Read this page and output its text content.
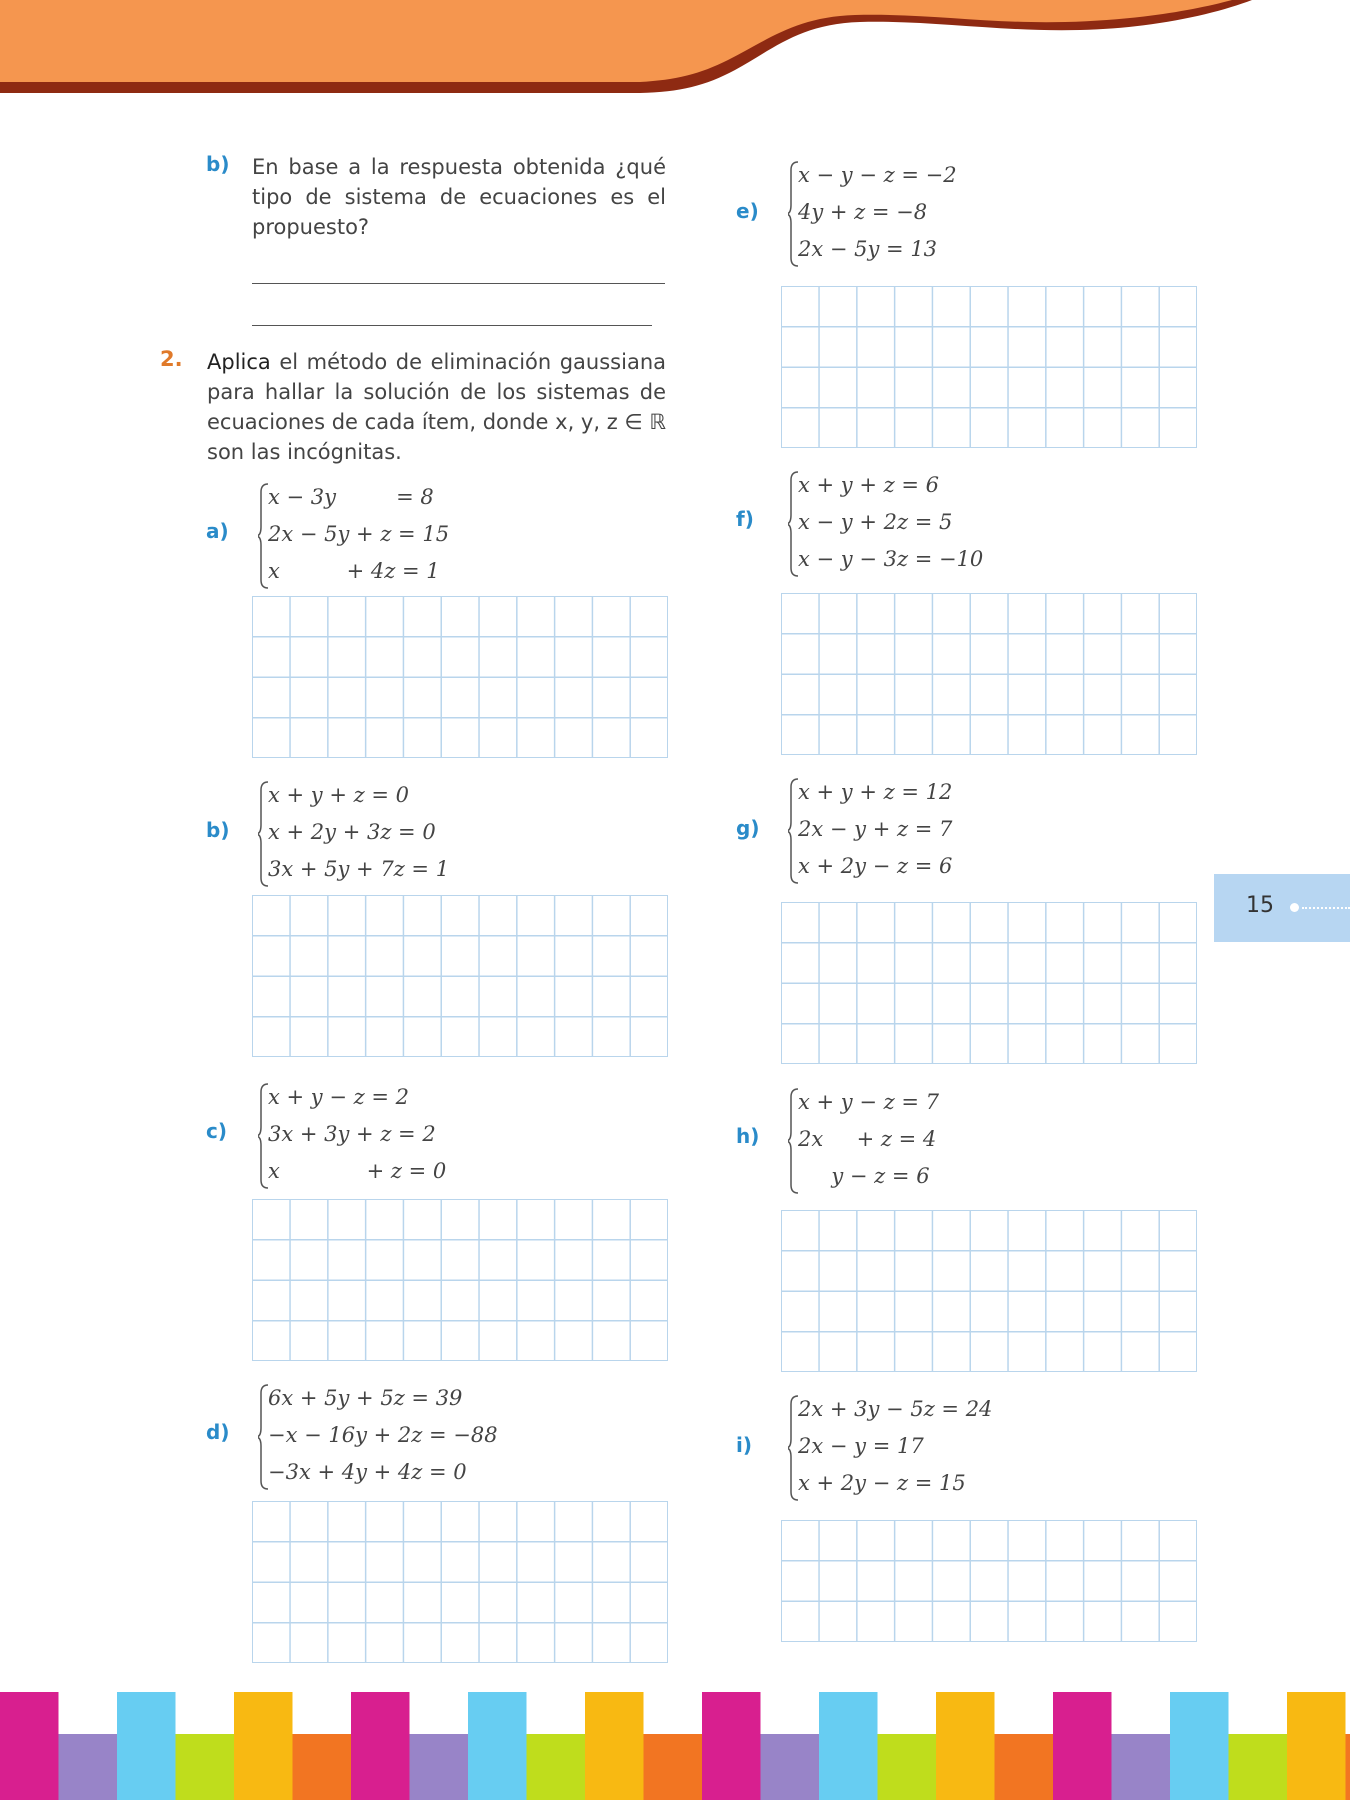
b) En base a la respuesta obtenida ¿qué tipo de sistema de ecuaciones es el propuesto?
2. Aplica el método de eliminación gaussiana para hallar la solución de los sistemas de ecuaciones de cada ítem, donde x, y, z ∈ ℝ son las incógnitas.
a)
x − 3y         = 8
2x − 5y + z = 15
x          + 4z = 1
b)
x + y + z = 0
x + 2y + 3z = 0
3x + 5y + 7z = 1
c)
x + y − z = 2
3x + 3y + z = 2
x             + z = 0
d)
6x + 5y + 5z = 39
−x − 16y + 2z = −88
−3x + 4y + 4z = 0
e)
x − y − z = −2
4y + z = −8
2x − 5y = 13
f)
x + y + z = 6
x − y + 2z = 5
x − y − 3z = −10
g)
x + y + z = 12
2x − y + z = 7
x + 2y − z = 6
h)
x + y − z = 7
2x     + z = 4
y − z = 6
i)
2x + 3y − 5z = 24
2x − y = 17
x + 2y − z = 15
15
